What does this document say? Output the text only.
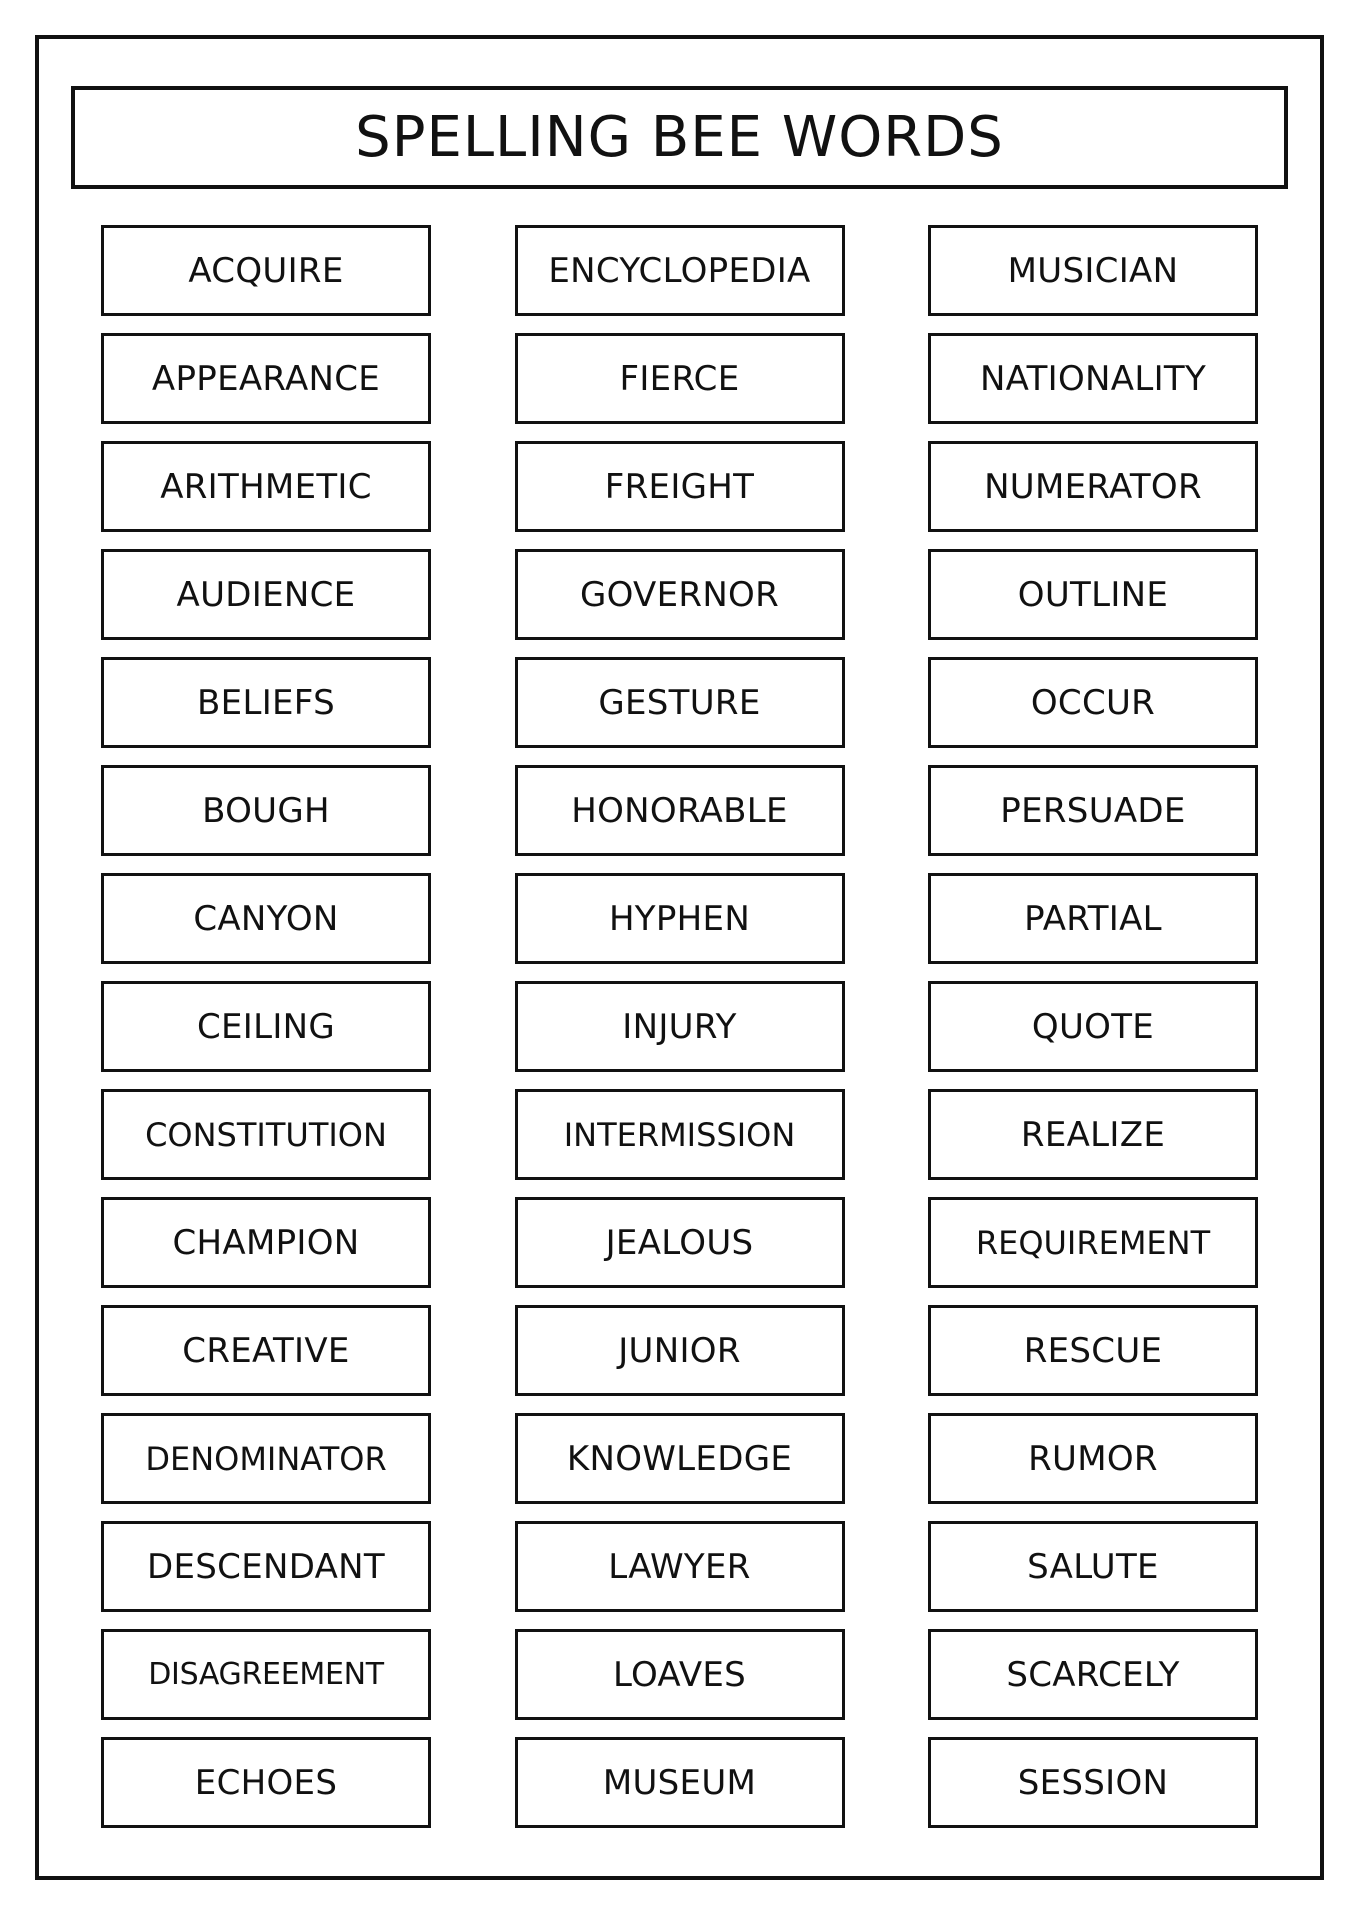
SPELLING BEE WORDS
ACQUIRE	ENCYCLOPEDIA	MUSICIAN
APPEARANCE	FIERCE	NATIONALITY
ARITHMETIC	FREIGHT	NUMERATOR
AUDIENCE	GOVERNOR	OUTLINE
BELIEFS	GESTURE	OCCUR
BOUGH	HONORABLE	PERSUADE
CANYON	HYPHEN	PARTIAL
CEILING	INJURY	QUOTE
CONSTITUTION	INTERMISSION	REALIZE
CHAMPION	JEALOUS	REQUIREMENT
CREATIVE	JUNIOR	RESCUE
DENOMINATOR	KNOWLEDGE	RUMOR
DESCENDANT	LAWYER	SALUTE
DISAGREEMENT	LOAVES	SCARCELY
ECHOES	MUSEUM	SESSION
